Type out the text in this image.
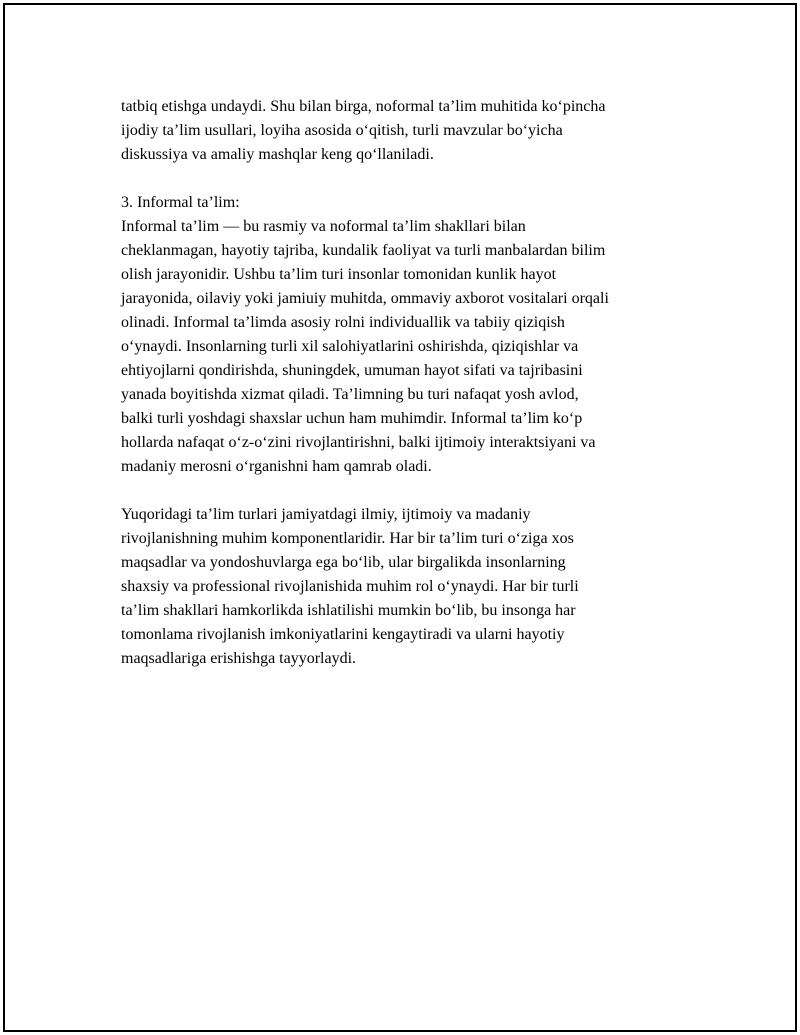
tatbiq etishga undaydi. Shu bilan birga, noformal ta’lim muhitida ko‘pincha
ijodiy ta’lim usullari, loyiha asosida o‘qitish, turli mavzular bo‘yicha
diskussiya va amaliy mashqlar keng qo‘llaniladi.
3. Informal ta’lim:
Informal ta’lim — bu rasmiy va noformal ta’lim shakllari bilan
cheklanmagan, hayotiy tajriba, kundalik faoliyat va turli manbalardan bilim
olish jarayonidir. Ushbu ta’lim turi insonlar tomonidan kunlik hayot
jarayonida, oilaviy yoki jamiuiy muhitda, ommaviy axborot vositalari orqali
olinadi. Informal ta’limda asosiy rolni individuallik va tabiiy qiziqish
o‘ynaydi. Insonlarning turli xil salohiyatlarini oshirishda, qiziqishlar va
ehtiyojlarni qondirishda, shuningdek, umuman hayot sifati va tajribasini
yanada boyitishda xizmat qiladi. Ta’limning bu turi nafaqat yosh avlod,
balki turli yoshdagi shaxslar uchun ham muhimdir. Informal ta’lim ko‘p
hollarda nafaqat o‘z-o‘zini rivojlantirishni, balki ijtimoiy interaktsiyani va
madaniy merosni o‘rganishni ham qamrab oladi.
Yuqoridagi ta’lim turlari jamiyatdagi ilmiy, ijtimoiy va madaniy
rivojlanishning muhim komponentlaridir. Har bir ta’lim turi o‘ziga xos
maqsadlar va yondoshuvlarga ega bo‘lib, ular birgalikda insonlarning
shaxsiy va professional rivojlanishida muhim rol o‘ynaydi. Har bir turli
ta’lim shakllari hamkorlikda ishlatilishi mumkin bo‘lib, bu insonga har
tomonlama rivojlanish imkoniyatlarini kengaytiradi va ularni hayotiy
maqsadlariga erishishga tayyorlaydi.
